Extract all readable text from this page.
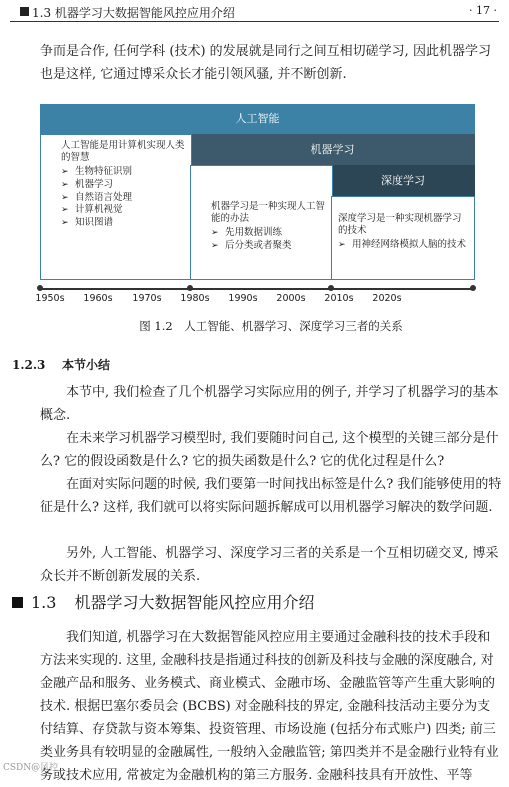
1.3 机器学习大数据智能风控应用介绍	· 17 ·

争而是合作, 任何学科 (技术) 的发展就是同行之间互相切磋学习, 因此机器学习也是这样, 它通过博采众长才能引领风骚, 并不断创新.

人工智能
机器学习
深度学习
人工智能是用计算机实现人类的智慧
➢ 生物特征识别
➢ 机器学习
➢ 自然语言处理
➢ 计算机视觉
➢ 知识图谱
机器学习是一种实现人工智能的办法
➢ 先用数据训练
➢ 后分类或者聚类
深度学习是一种实现机器学习的技术
➢ 用神经网络模拟人脑的技术
1950s	1960s	1970s	1980s	1990s	2000s	2010s	2020s
图 1.2　人工智能、机器学习、深度学习三者的关系
1.2.3 本节小结

本节中, 我们检查了几个机器学习实际应用的例子, 并学习了机器学习的基本概念.

在未来学习机器学习模型时, 我们要随时问自己, 这个模型的关键三部分是什么? 它的假设函数是什么? 它的损失函数是什么? 它的优化过程是什么?

在面对实际问题的时候, 我们要第一时间找出标签是什么? 我们能够使用的特征是什么? 这样, 我们就可以将实际问题拆解成可以用机器学习解决的数学问题.

另外, 人工智能、机器学习、深度学习三者的关系是一个互相切磋交叉, 博采众长并不断创新发展的关系.

1.3 机器学习大数据智能风控应用介绍

我们知道, 机器学习在大数据智能风控应用主要通过金融科技的技术手段和方法来实现的. 这里, 金融科技是指通过科技的创新及科技与金融的深度融合, 对金融产品和服务、业务模式、商业模式、金融市场、金融监管等产生重大影响的技术. 根据巴塞尔委员会 (BCBS) 对金融科技的界定, 金融科技活动主要分为支付结算、存贷款与资本筹集、投资管理、市场设施 (包括分布式账户) 四类; 前三类业务具有较明显的金融属性, 一般纳入金融监管; 第四类并不是金融行业特有业务或技术应用, 常被定为金融机构的第三方服务. 金融科技具有开放性、平等

CSDN@风控
